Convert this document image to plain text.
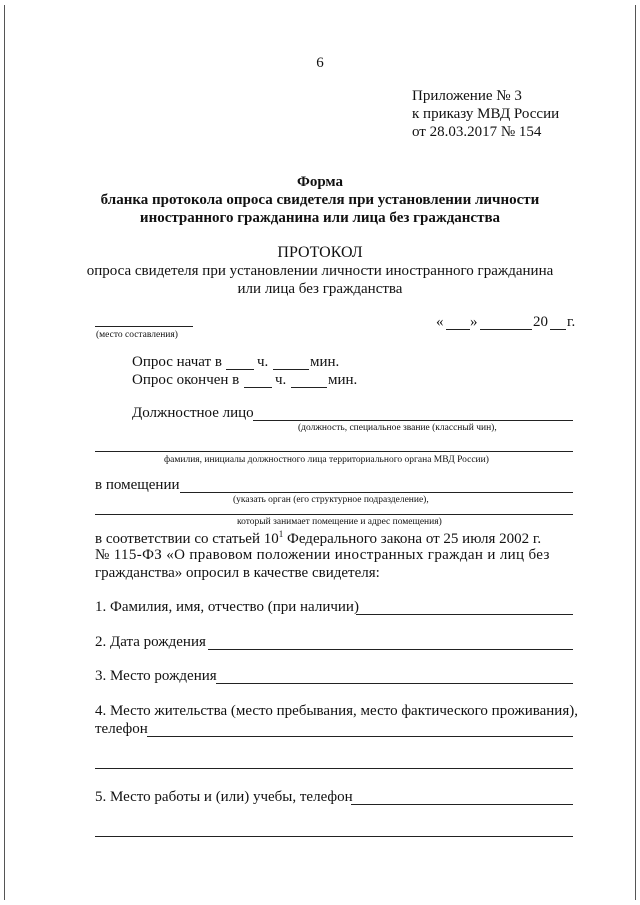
6
Приложение № 3
к приказу МВД России
от 28.03.2017 № 154
Форма
бланка протокола опроса свидетеля при установлении личности
иностранного гражданина или лица без гражданства
ПРОТОКОЛ
опроса свидетеля при установлении личности иностранного гражданина
или лица без гражданства
(место составления)
« »	20 г.
Опрос начат в ч.	мин.
Опрос окончен в ч.	мин.
Должностное лицо
(должность, специальное звание (классный чин),
фамилия, инициалы должностного лица территориального органа МВД России)
в помещении
(указать орган (его структурное подразделение),
который занимает помещение и адрес помещения)
в соответствии со статьей $10^1$ Федерального закона от 25 июля 2002 г.
№ 115-ФЗ «О правовом положении иностранных граждан и лиц без
гражданства» опросил в качестве свидетеля:
1. Фамилия, имя, отчество (при наличии)
2. Дата рождения
3. Место рождения
4. Место жительства (место пребывания, место фактического проживания),
телефон
5. Место работы и (или) учебы, телефон
